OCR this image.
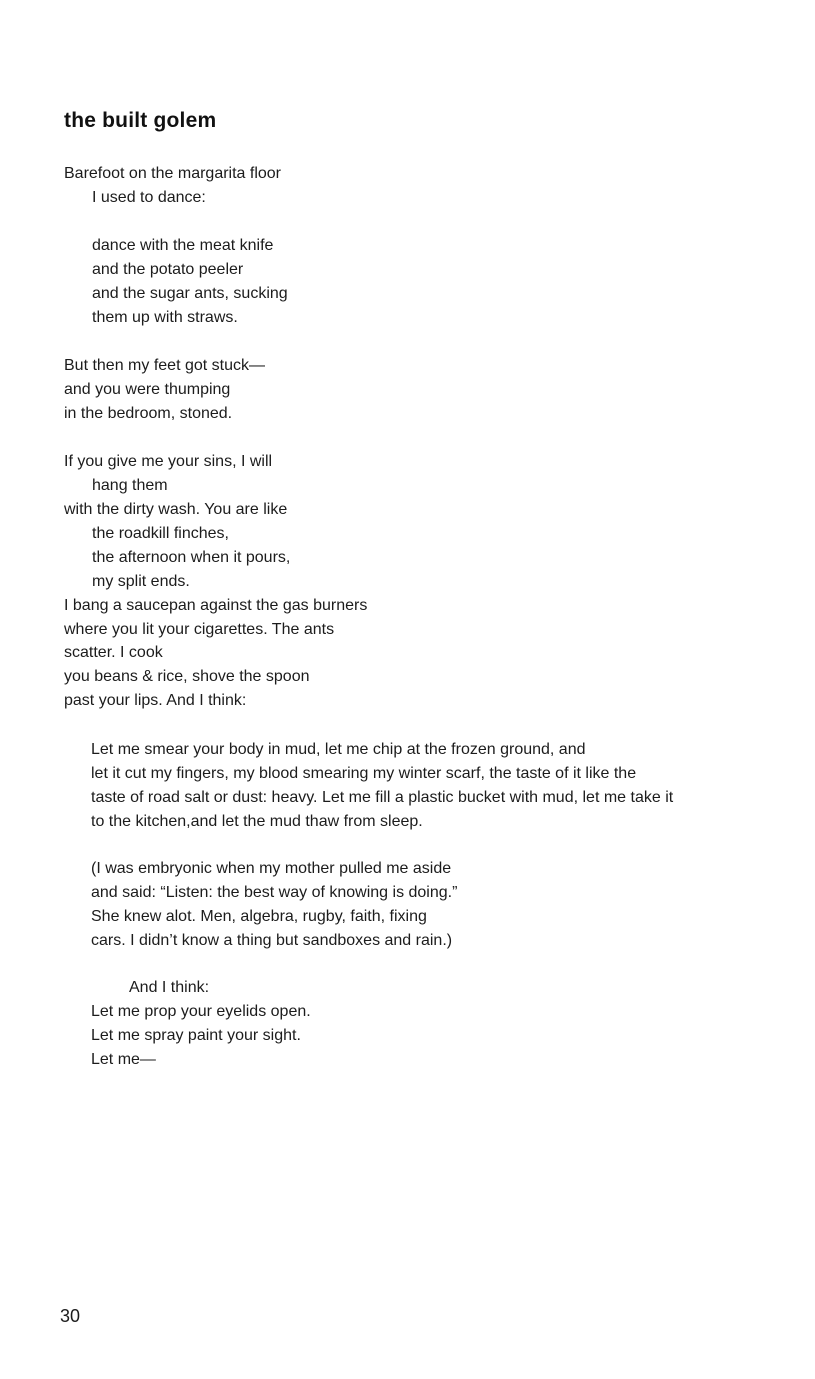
the built golem

Barefoot on the margarita floor

I used to dance:

dance with the meat knife

and the potato peeler

and the sugar ants, sucking

them up with straws.

But then my feet got stuck—

and you were thumping

in the bedroom, stoned.

If you give me your sins, I will

hang them

with the dirty wash. You are like

the roadkill finches,

the afternoon when it pours,

my split ends.

I bang a saucepan against the gas burners

where you lit your cigarettes. The ants

scatter. I cook

you beans & rice, shove the spoon

past your lips. And I think:

Let me smear your body in mud, let me chip at the frozen ground, and

let it cut my fingers, my blood smearing my winter scarf, the taste of it like the

taste of road salt or dust: heavy. Let me fill a plastic bucket with mud, let me take it

to the kitchen,and let the mud thaw from sleep.

(I was embryonic when my mother pulled me aside

and said: “Listen: the best way of knowing is doing.”

She knew alot. Men, algebra, rugby, faith, fixing

cars. I didn’t know a thing but sandboxes and rain.)

And I think:

Let me prop your eyelids open.

Let me spray paint your sight.

Let me—

30
